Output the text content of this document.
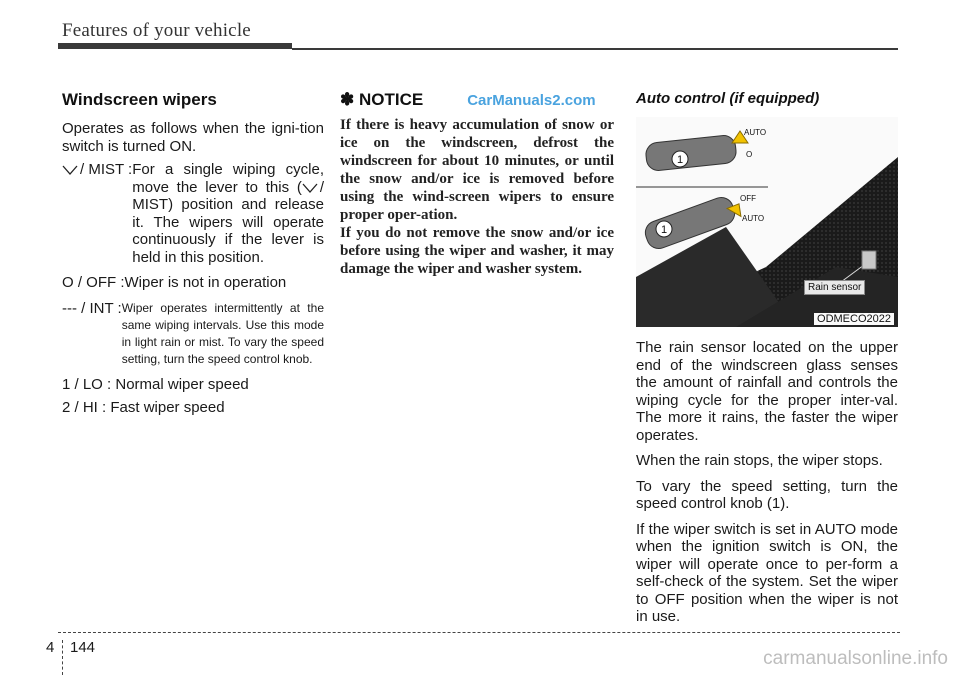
Features of your vehicle
Windscreen wipers

Operates as follows when the igni-tion switch is turned ON.

/ MIST : For a single wiping cycle, move the lever to this ( / MIST) position and release it. The wipers will operate continuously if the lever is held in this position.
O / OFF : Wiper is not in operation
--- / INT : Wiper operates intermittently at the same wiping intervals. Use this mode in light rain or mist. To vary the speed setting, turn the speed control knob.
1 / LO : Normal wiper speed
2 / HI : Fast wiper speed
✽ NOTICE	CarManuals2.com

If there is heavy accumulation of snow or ice on the windscreen, defrost the windscreen for about 10 minutes, or until the snow and/or ice is removed before using the wind-screen wipers to ensure proper oper-ation.

If you do not remove the snow and/or ice before using the wiper and washer, it may damage the wiper and washer system.

Auto control (if equipped)
1
AUTO
O
1
OFF
AUTO
Rain sensor
ODMECO2022

The rain sensor located on the upper end of the windscreen glass senses the amount of rainfall and controls the wiping cycle for the proper inter-val. The more it rains, the faster the wiper operates.

When the rain stops, the wiper stops.

To vary the speed setting, turn the speed control knob (1).

If the wiper switch is set in AUTO mode when the ignition switch is ON, the wiper will operate once to per-form a self-check of the system. Set the wiper to OFF position when the wiper is not in use.

4 144
carmanualsonline.info
